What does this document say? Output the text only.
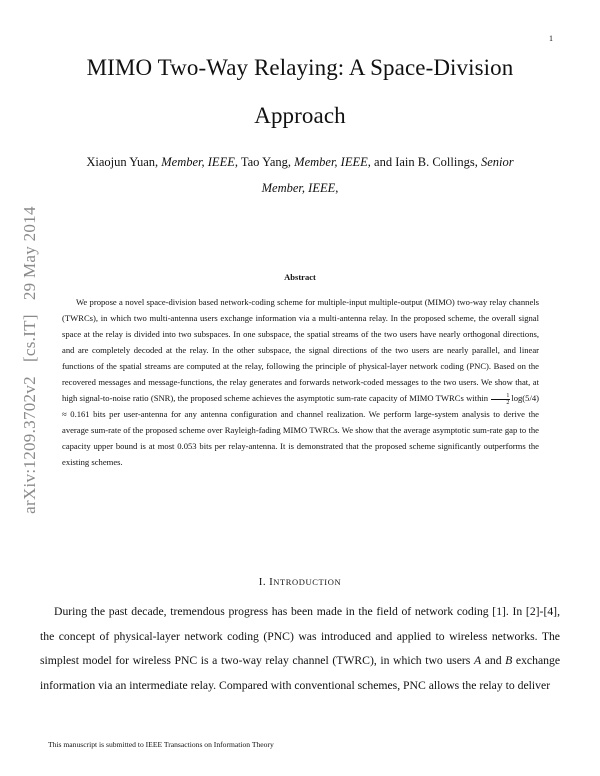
1
MIMO Two-Way Relaying: A Space-Division
Approach
Xiaojun Yuan, Member, IEEE, Tao Yang, Member, IEEE, and Iain B. Collings, Senior
Member, IEEE,
arXiv:1209.3702v2[cs.IT]29 May 2014	Abstract

We propose a novel space-division based network-coding scheme for multiple-input multiple-output (MIMO) two-way relay channels (TWRCs), in which two multi-antenna users exchange information via a multi-antenna relay. In the proposed scheme, the overall signal space at the relay is divided into two subspaces. In one subspace, the spatial streams of the two users have nearly orthogonal directions, and are completely decoded at the relay. In the other subspace, the signal directions of the two users are nearly parallel, and linear functions of the spatial streams are computed at the relay, following the principle of physical-layer network coding (PNC). Based on the recovered messages and message-functions, the relay generates and forwards network-coded messages to the two users. We show that, at high signal-to-noise ratio (SNR), the proposed scheme achieves the asymptotic sum-rate capacity of MIMO TWRCs within $\frac{1}{2} \log(5/4) \approx 0.161$ bits per user-antenna for any antenna configuration and channel realization. We perform large-system analysis to derive the average sum-rate of the proposed scheme over Rayleigh-fading MIMO TWRCs. We show that the average asymptotic sum-rate gap to the capacity upper bound is at most 0.053 bits per relay-antenna. It is demonstrated that the proposed scheme significantly outperforms the existing schemes.

I. INTRODUCTION

During the past decade, tremendous progress has been made in the field of network coding [1]. In [2]-[4], the concept of physical-layer network coding (PNC) was introduced and applied to wireless networks. The simplest model for wireless PNC is a two-way relay channel (TWRC), in which two users A and B exchange information via an intermediate relay. Compared with conventional schemes, PNC allows the relay to deliver

This manuscript is submitted to IEEE Transactions on Information Theory
